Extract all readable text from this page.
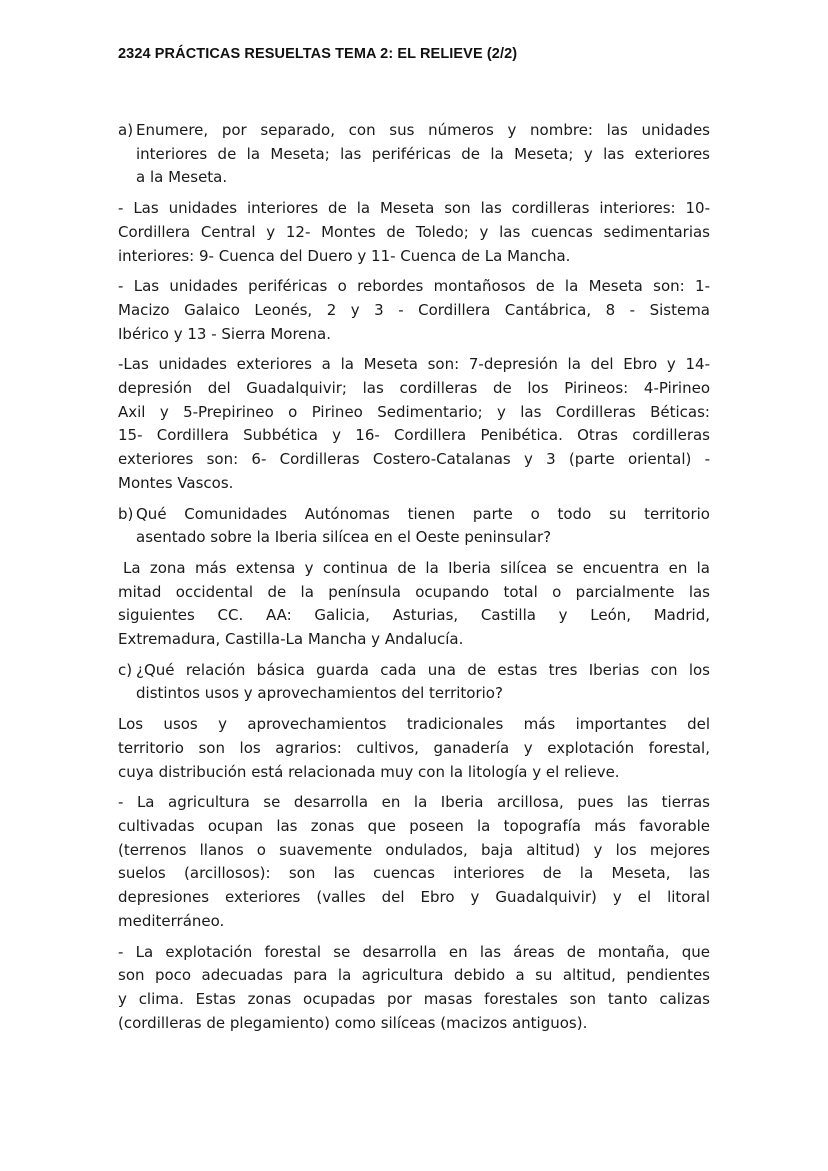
2324 PRÁCTICAS RESUELTAS TEMA 2: EL RELIEVE (2/2)
a) Enumere, por separado, con sus números y nombre: las unidades
interiores de la Meseta; las periféricas de la Meseta; y las exteriores
a la Meseta.
- Las unidades interiores de la Meseta son las cordilleras interiores: 10-
Cordillera Central y 12- Montes de Toledo; y las cuencas sedimentarias
interiores: 9- Cuenca del Duero y 11- Cuenca de La Mancha.
- Las unidades periféricas o rebordes montañosos de la Meseta son: 1-
Macizo Galaico Leonés, 2 y 3 - Cordillera Cantábrica, 8 - Sistema
Ibérico y 13 - Sierra Morena.
-Las unidades exteriores a la Meseta son: 7-depresión la del Ebro y 14-
depresión del Guadalquivir; las cordilleras de los Pirineos: 4-Pirineo
Axil y 5-Prepirineo o Pirineo Sedimentario; y las Cordilleras Béticas:
15- Cordillera Subbética y 16- Cordillera Penibética. Otras cordilleras
exteriores son: 6- Cordilleras Costero-Catalanas y 3 (parte oriental) -
Montes Vascos.
b) Qué Comunidades Autónomas tienen parte o todo su territorio
asentado sobre la Iberia silícea en el Oeste peninsular?
La zona más extensa y continua de la Iberia silícea se encuentra en la
mitad occidental de la península ocupando total o parcialmente las
siguientes CC. AA: Galicia, Asturias, Castilla y León, Madrid,
Extremadura, Castilla-La Mancha y Andalucía.
c) ¿Qué relación básica guarda cada una de estas tres Iberias con los
distintos usos y aprovechamientos del territorio?
Los usos y aprovechamientos tradicionales más importantes del
territorio son los agrarios: cultivos, ganadería y explotación forestal,
cuya distribución está relacionada muy con la litología y el relieve.
- La agricultura se desarrolla en la Iberia arcillosa, pues las tierras
cultivadas ocupan las zonas que poseen la topografía más favorable
(terrenos llanos o suavemente ondulados, baja altitud) y los mejores
suelos (arcillosos): son las cuencas interiores de la Meseta, las
depresiones exteriores (valles del Ebro y Guadalquivir) y el litoral
mediterráneo.
- La explotación forestal se desarrolla en las áreas de montaña, que
son poco adecuadas para la agricultura debido a su altitud, pendientes
y clima. Estas zonas ocupadas por masas forestales son tanto calizas
(cordilleras de plegamiento) como silíceas (macizos antiguos).
